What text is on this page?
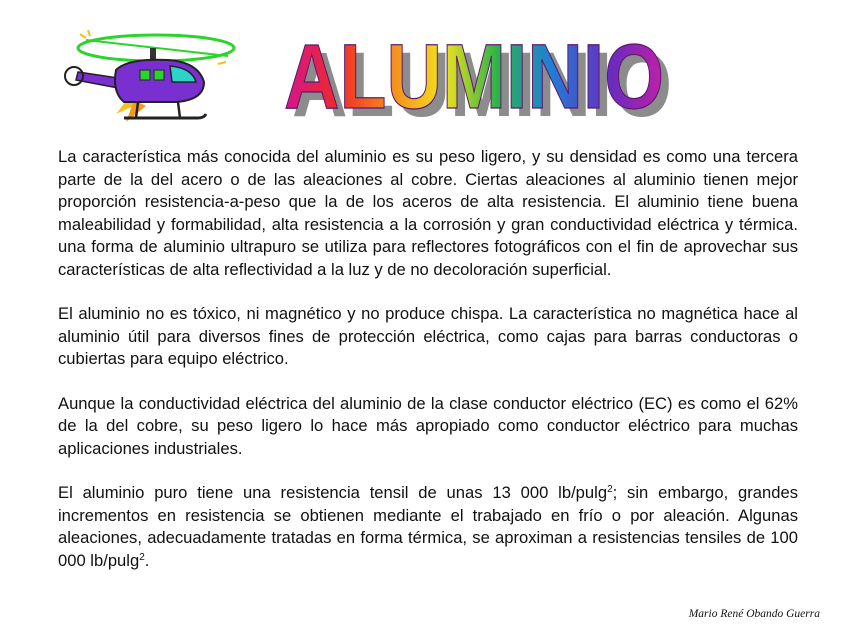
ALUMINIO
ALUMINIO

La característica más conocida del aluminio es su peso ligero, y su densidad es como una tercera parte de la del acero o de las aleaciones al cobre. Ciertas aleaciones al aluminio tienen mejor proporción resistencia-a-peso que la de los aceros de alta resistencia. El aluminio tiene buena maleabilidad y formabilidad, alta resistencia a la corrosión y gran conductividad eléctrica y térmica. una forma de aluminio ultrapuro se utiliza para reflectores fotográficos con el fin de aprovechar sus características de alta reflectividad a la luz y de no decoloración superficial.

El aluminio no es tóxico, ni magnético y no produce chispa. La característica no magnética hace al aluminio útil para diversos fines de protección eléctrica, como cajas para barras conductoras o cubiertas para equipo eléctrico.

Aunque la conductividad eléctrica del aluminio de la clase conductor eléctrico (EC) es como el 62% de la del cobre, su peso ligero lo hace más apropiado como conductor eléctrico para muchas aplicaciones industriales.

El aluminio puro tiene una resistencia tensil de unas 13 000 lb/pulg$^2$; sin embargo, grandes incrementos en resistencia se obtienen mediante el trabajado en frío o por aleación. Algunas aleaciones, adecuadamente tratadas en forma térmica, se aproximan a resistencias tensiles de 100 000 lb/pulg$^2$.

Mario René Obando Guerra
